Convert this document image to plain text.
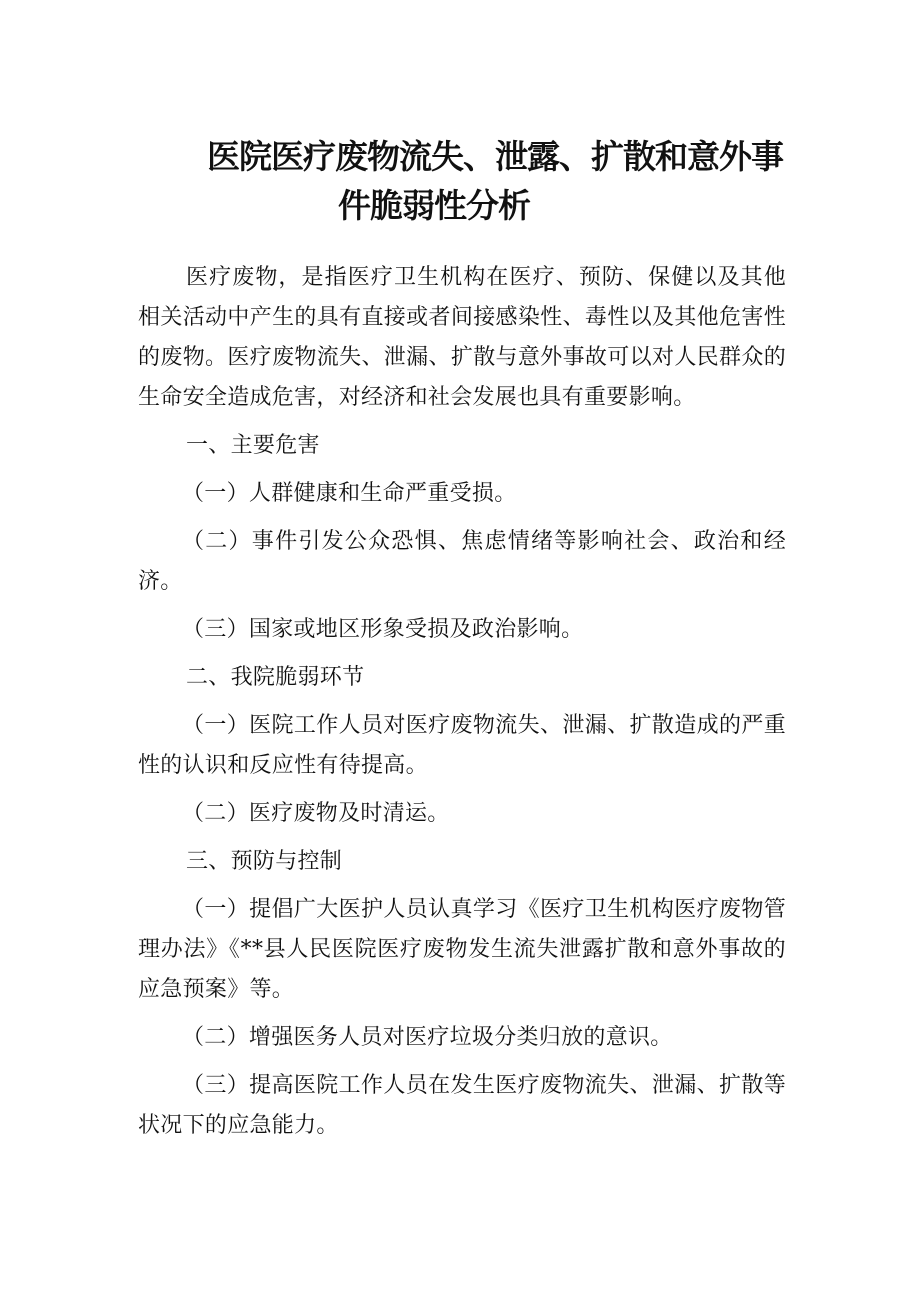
医院医疗废物流失、泄露、扩散和意外事
件脆弱性分析

医疗废物，是指医疗卫生机构在医疗、预防、保健以及其他相关活动中产生的具有直接或者间接感染性、毒性以及其他危害性的废物。医疗废物流失、泄漏、扩散与意外事故可以对人民群众的生命安全造成危害，对经济和社会发展也具有重要影响。

一、主要危害

（一）人群健康和生命严重受损。

（二）事件引发公众恐惧、焦虑情绪等影响社会、政治和经济。

（三）国家或地区形象受损及政治影响。

二、我院脆弱环节

（一）医院工作人员对医疗废物流失、泄漏、扩散造成的严重性的认识和反应性有待提高。

（二）医疗废物及时清运。

三、预防与控制

（一）提倡广大医护人员认真学习《医疗卫生机构医疗废物管理办法》《**县人民医院医疗废物发生流失泄露扩散和意外事故的应急预案》等。

（二）增强医务人员对医疗垃圾分类归放的意识。

（三）提高医院工作人员在发生医疗废物流失、泄漏、扩散等状况下的应急能力。
